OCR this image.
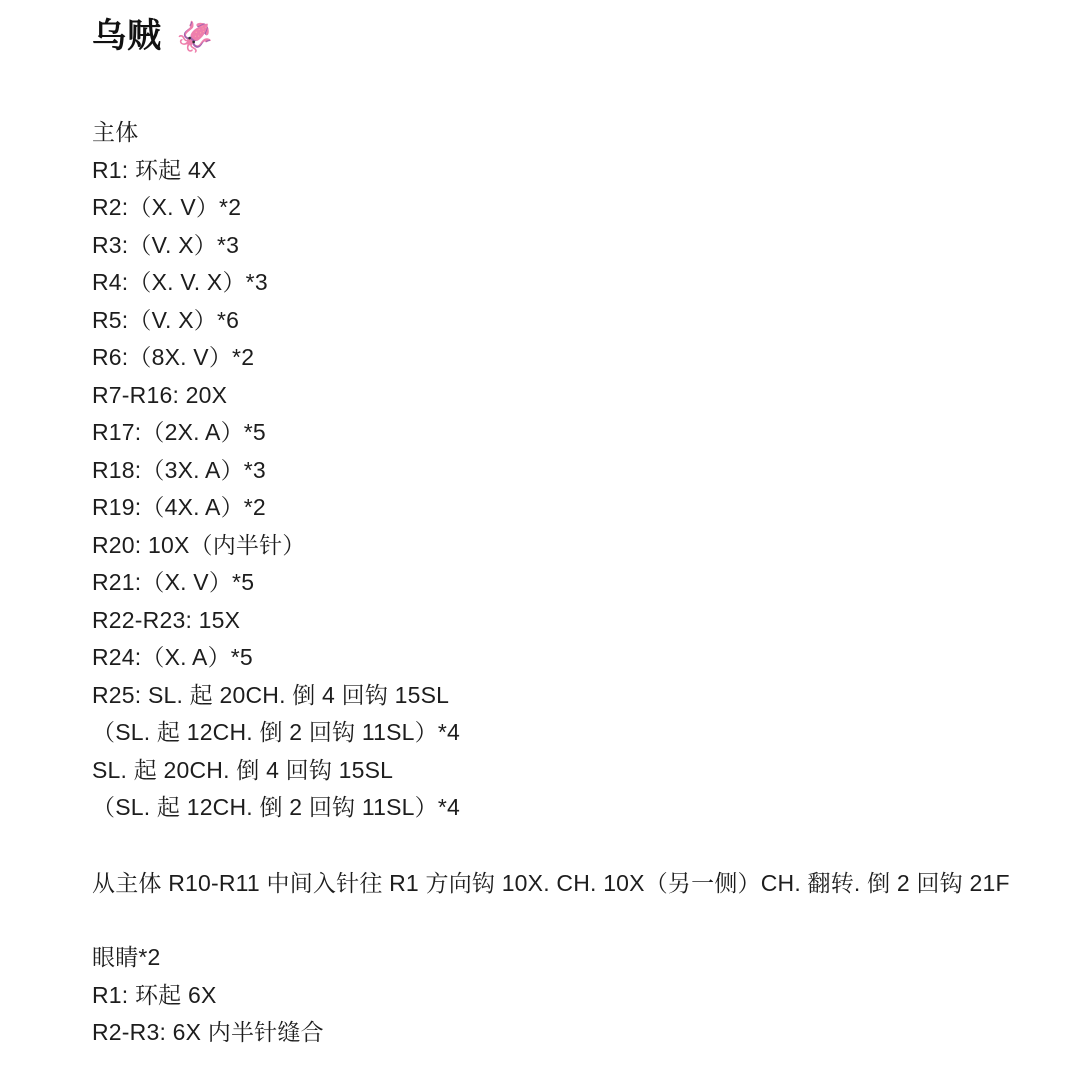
乌贼 🦑
主体
R1: 环起 4X
R2:（X. V）*2
R3:（V. X）*3
R4:（X. V. X）*3
R5:（V. X）*6
R6:（8X. V）*2
R7-R16: 20X
R17:（2X. A）*5
R18:（3X. A）*3
R19:（4X. A）*2
R20: 10X（内半针）
R21:（X. V）*5
R22-R23: 15X
R24:（X. A）*5
R25: SL. 起 20CH. 倒 4 回钩 15SL
（SL. 起 12CH. 倒 2 回钩 11SL）*4
SL. 起 20CH. 倒 4 回钩 15SL
（SL. 起 12CH. 倒 2 回钩 11SL）*4
从主体 R10-R11 中间入针往 R1 方向钩 10X. CH. 10X（另一侧）CH. 翻转. 倒 2 回钩 21F
眼睛*2
R1: 环起 6X
R2-R3: 6X 内半针缝合
